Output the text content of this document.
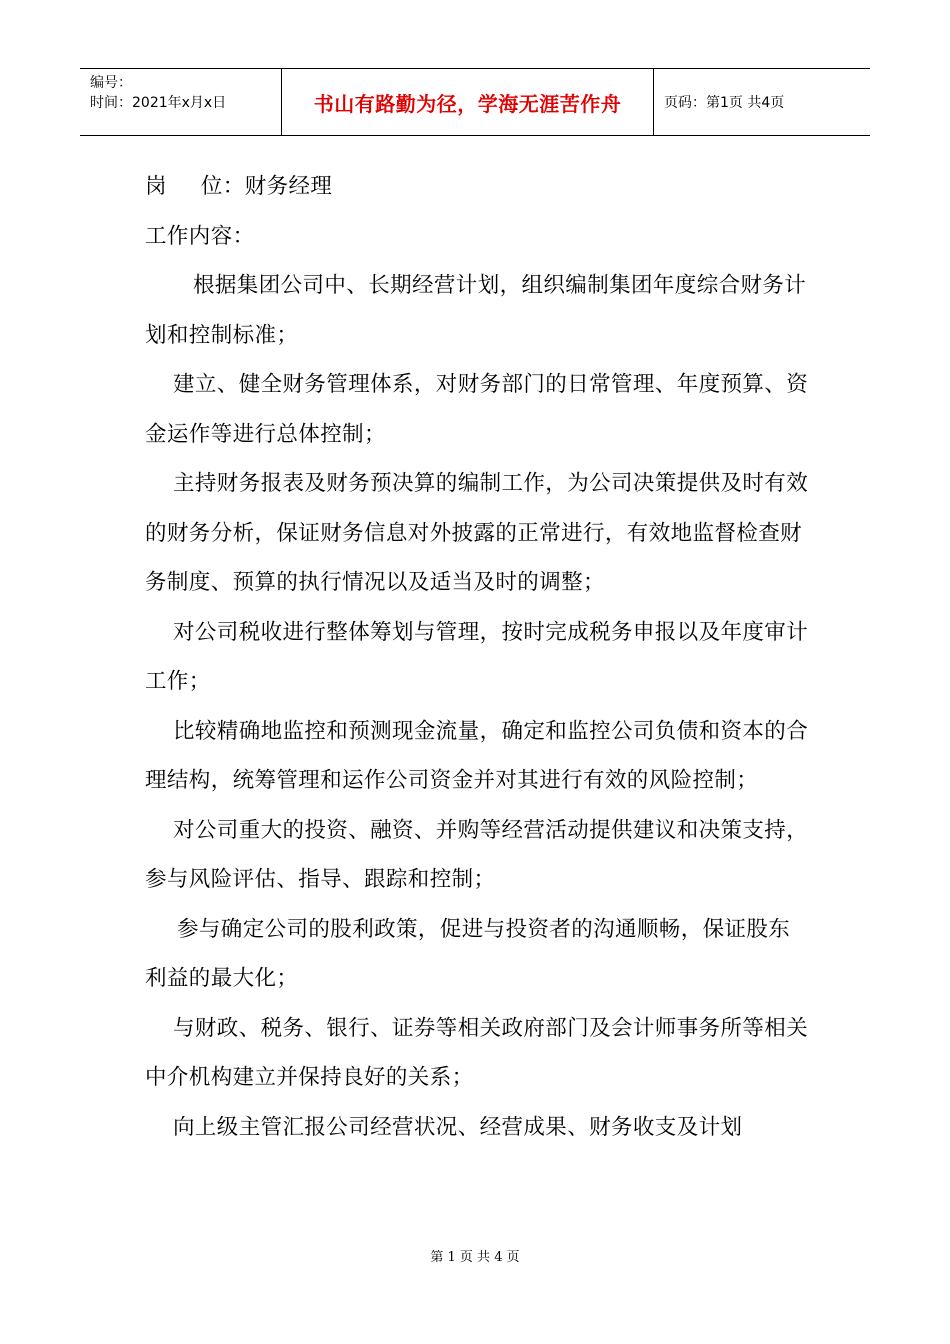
编号：
时间：2021年x月x日	书山有路勤为径，学海无涯苦作舟	页码：第1页 共4页

岗 位：财务经理

工作内容：

根据集团公司中、长期经营计划，组织编制集团年度综合财务计划和控制标准；

建立、健全财务管理体系，对财务部门的日常管理、年度预算、资金运作等进行总体控制；

主持财务报表及财务预决算的编制工作，为公司决策提供及时有效的财务分析，保证财务信息对外披露的正常进行，有效地监督检查财务制度、预算的执行情况以及适当及时的调整；

对公司税收进行整体筹划与管理，按时完成税务申报以及年度审计工作；

比较精确地监控和预测现金流量，确定和监控公司负债和资本的合理结构，统筹管理和运作公司资金并对其进行有效的风险控制；

对公司重大的投资、融资、并购等经营活动提供建议和决策支持，参与风险评估、指导、跟踪和控制；

参与确定公司的股利政策，促进与投资者的沟通顺畅，保证股东利益的最大化；

与财政、税务、银行、证券等相关政府部门及会计师事务所等相关中介机构建立并保持良好的关系；

向上级主管汇报公司经营状况、经营成果、财务收支及计划

第 1 页 共 4 页
